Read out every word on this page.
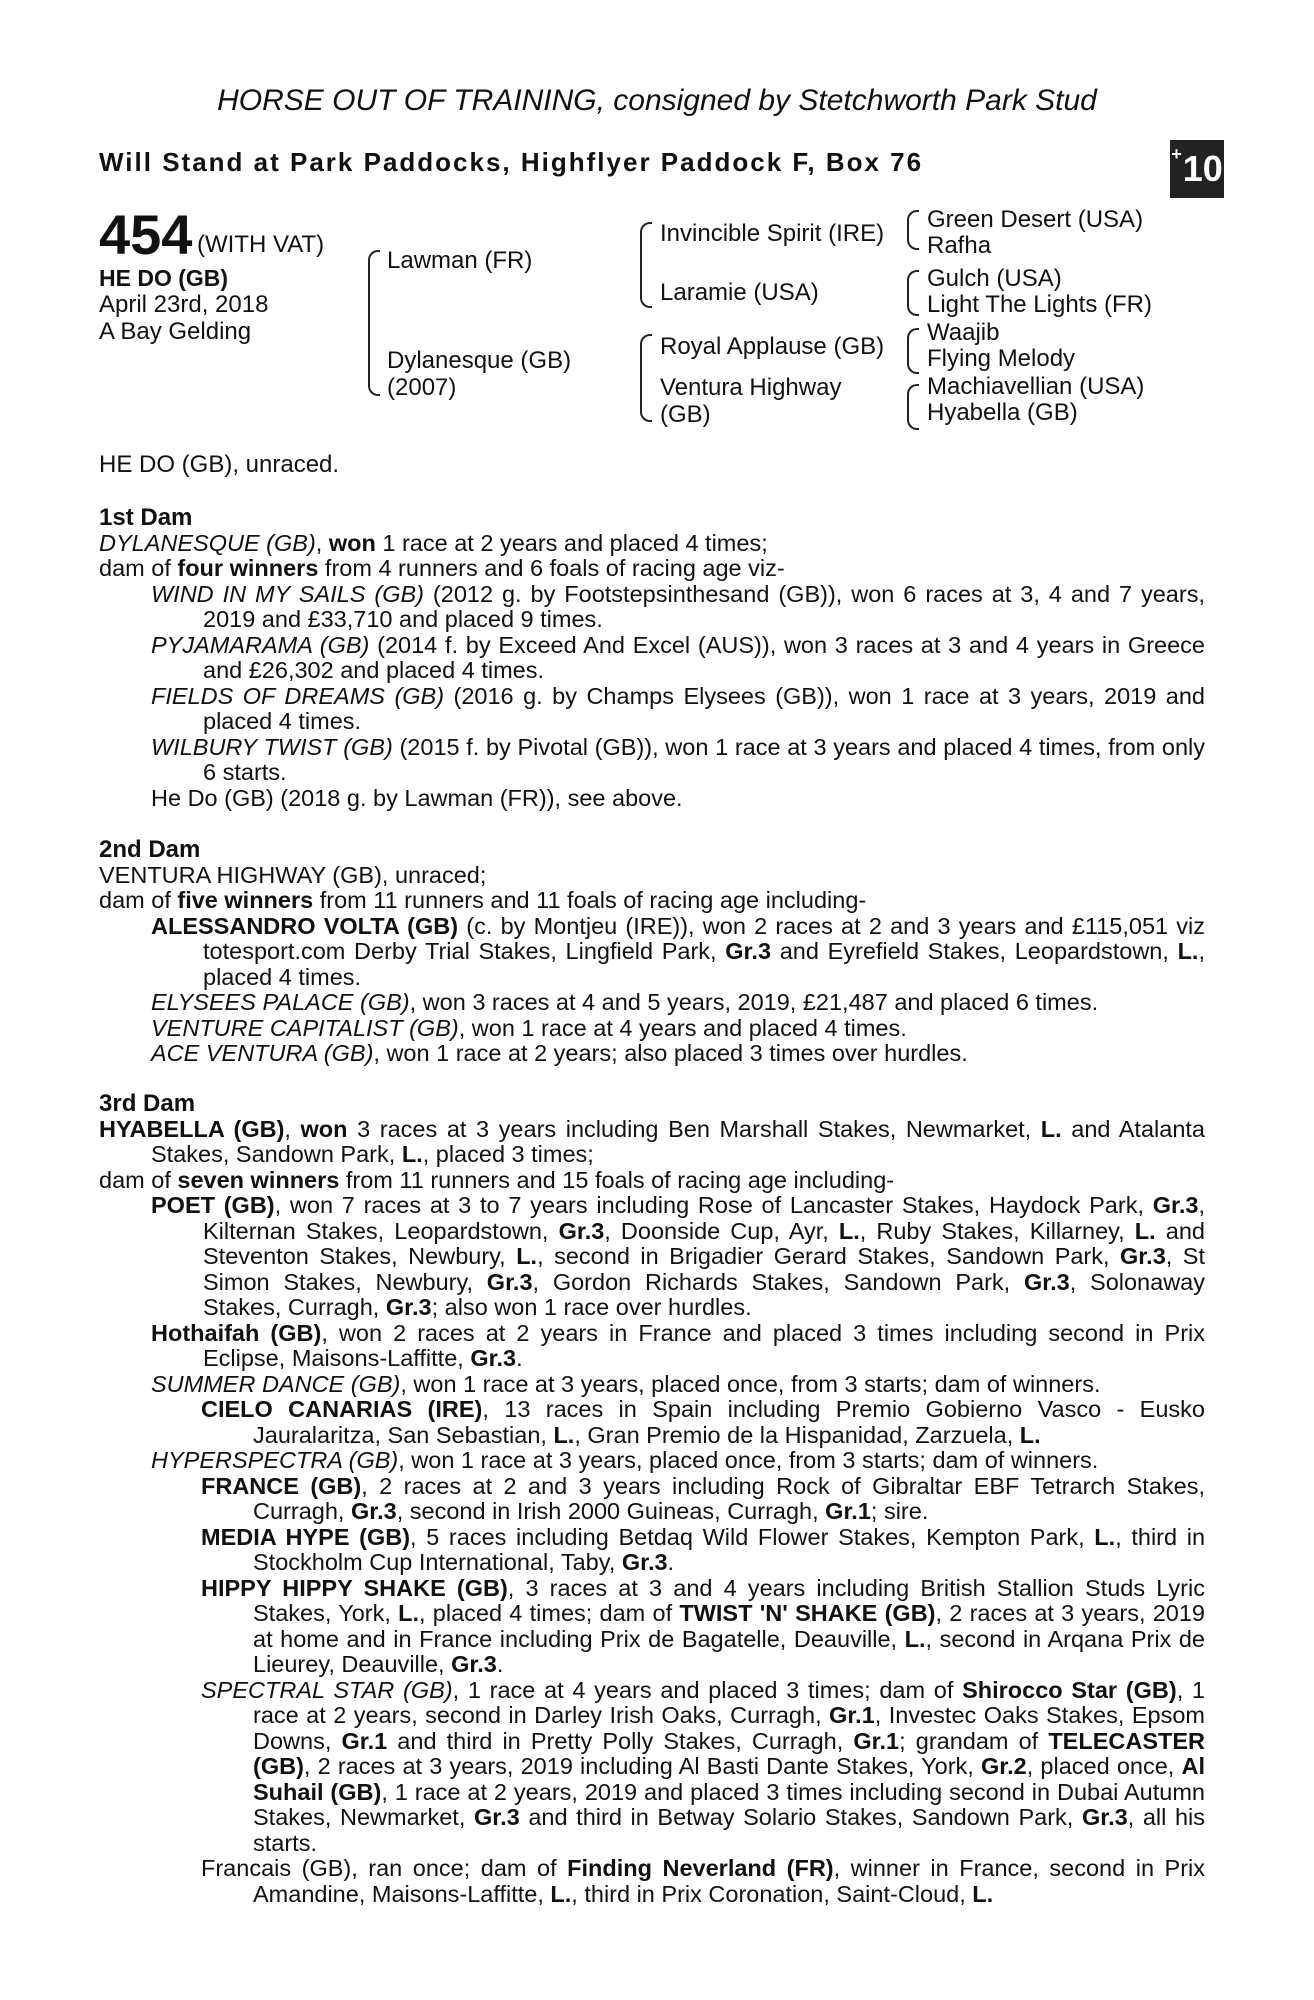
HORSE OUT OF TRAINING, consigned by Stetchworth Park Stud
Will Stand at Park Paddocks, Highflyer Paddock F, Box 76	+ 10
454 (WITH VAT)
HE DO (GB)
April 23rd, 2018
A Bay Gelding
Lawman (FR)
Dylanesque (GB)
(2007)
Invincible Spirit (IRE)
Laramie (USA)
Royal Applause (GB)
Ventura Highway
(GB)
Green Desert (USA)
Rafha
Gulch (USA)
Light The Lights (FR)
Waajib
Flying Melody
Machiavellian (USA)
Hyabella (GB)
HE DO (GB), unraced.

1st Dam

DYLANESQUE (GB), won 1 race at 2 years and placed 4 times;

dam of four winners from 4 runners and 6 foals of racing age viz-

WIND IN MY SAILS (GB) (2012 g. by Footstepsinthesand (GB)), won 6 races at 3, 4 and 7 years, 2019 and £33,710 and placed 9 times.

PYJAMARAMA (GB) (2014 f. by Exceed And Excel (AUS)), won 3 races at 3 and 4 years in Greece and £26,302 and placed 4 times.

FIELDS OF DREAMS (GB) (2016 g. by Champs Elysees (GB)), won 1 race at 3 years, 2019 and placed 4 times.

WILBURY TWIST (GB) (2015 f. by Pivotal (GB)), won 1 race at 3 years and placed 4 times, from only 6 starts.

He Do (GB) (2018 g. by Lawman (FR)), see above.

2nd Dam

VENTURA HIGHWAY (GB), unraced;

dam of five winners from 11 runners and 11 foals of racing age including-

ALESSANDRO VOLTA (GB) (c. by Montjeu (IRE)), won 2 races at 2 and 3 years and £115,051 viz totesport.com Derby Trial Stakes, Lingfield Park, Gr.3 and Eyrefield Stakes, Leopardstown, L., placed 4 times.

ELYSEES PALACE (GB), won 3 races at 4 and 5 years, 2019, £21,487 and placed 6 times.

VENTURE CAPITALIST (GB), won 1 race at 4 years and placed 4 times.

ACE VENTURA (GB), won 1 race at 2 years; also placed 3 times over hurdles.

3rd Dam

HYABELLA (GB), won 3 races at 3 years including Ben Marshall Stakes, Newmarket, L. and Atalanta Stakes, Sandown Park, L., placed 3 times;

dam of seven winners from 11 runners and 15 foals of racing age including-

POET (GB), won 7 races at 3 to 7 years including Rose of Lancaster Stakes, Haydock Park, Gr.3, Kilternan Stakes, Leopardstown, Gr.3, Doonside Cup, Ayr, L., Ruby Stakes, Killarney, L. and Steventon Stakes, Newbury, L., second in Brigadier Gerard Stakes, Sandown Park, Gr.3, St Simon Stakes, Newbury, Gr.3, Gordon Richards Stakes, Sandown Park, Gr.3, Solonaway Stakes, Curragh, Gr.3; also won 1 race over hurdles.

Hothaifah (GB), won 2 races at 2 years in France and placed 3 times including second in Prix Eclipse, Maisons-Laffitte, Gr.3.

SUMMER DANCE (GB), won 1 race at 3 years, placed once, from 3 starts; dam of winners.

CIELO CANARIAS (IRE), 13 races in Spain including Premio Gobierno Vasco - Eusko Jauralaritza, San Sebastian, L., Gran Premio de la Hispanidad, Zarzuela, L.

HYPERSPECTRA (GB), won 1 race at 3 years, placed once, from 3 starts; dam of winners.

FRANCE (GB), 2 races at 2 and 3 years including Rock of Gibraltar EBF Tetrarch Stakes, Curragh, Gr.3, second in Irish 2000 Guineas, Curragh, Gr.1; sire.

MEDIA HYPE (GB), 5 races including Betdaq Wild Flower Stakes, Kempton Park, L., third in Stockholm Cup International, Taby, Gr.3.

HIPPY HIPPY SHAKE (GB), 3 races at 3 and 4 years including British Stallion Studs Lyric Stakes, York, L., placed 4 times; dam of TWIST 'N' SHAKE (GB), 2 races at 3 years, 2019 at home and in France including Prix de Bagatelle, Deauville, L., second in Arqana Prix de Lieurey, Deauville, Gr.3.

SPECTRAL STAR (GB), 1 race at 4 years and placed 3 times; dam of Shirocco Star (GB), 1 race at 2 years, second in Darley Irish Oaks, Curragh, Gr.1, Investec Oaks Stakes, Epsom Downs, Gr.1 and third in Pretty Polly Stakes, Curragh, Gr.1; grandam of TELECASTER (GB), 2 races at 3 years, 2019 including Al Basti Dante Stakes, York, Gr.2, placed once, Al Suhail (GB), 1 race at 2 years, 2019 and placed 3 times including second in Dubai Autumn Stakes, Newmarket, Gr.3 and third in Betway Solario Stakes, Sandown Park, Gr.3, all his starts.

Francais (GB), ran once; dam of Finding Neverland (FR), winner in France, second in Prix Amandine, Maisons-Laffitte, L., third in Prix Coronation, Saint-Cloud, L.
